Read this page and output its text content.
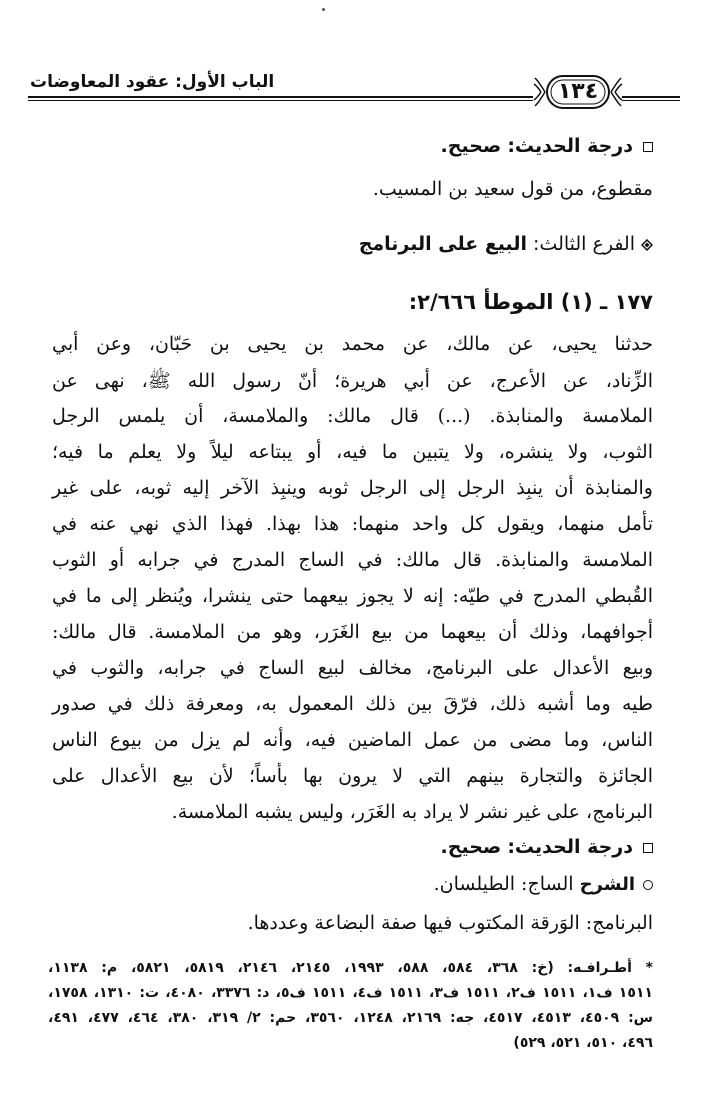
الباب الأول: عقود المعاوضات	١٣٤
درجة الحديث: صحيح.
مقطوع، من قول سعيد بن المسيب.
الفرع الثالث: البيع على البرنامج
١٧٧ ـ (١) الموطأ ٢/٦٦٦:
حدثنا يحيى، عن مالك، عن محمد بن يحيى بن حَبّان، وعن أبي
الزِّناد، عن الأعرج، عن أبي هريرة؛ أنّ رسول الله ﷺ، نهى عن
الملامسة والمنابذة. (...) قال مالك: والملامسة، أن يلمس الرجل
الثوب، ولا ينشره، ولا يتبين ما فيه، أو يبتاعه ليلاً ولا يعلم ما فيه؛
والمنابذة أن ينبِذ الرجل إلى الرجل ثوبه وينبِذ الآخر إليه ثوبه، على غير
تأمل منهما، ويقول كل واحد منهما: هذا بهذا. فهذا الذي نهي عنه في
الملامسة والمنابذة. قال مالك: في الساج المدرج في جرابه أو الثوب
القُبطي المدرج في طيّه: إنه لا يجوز بيعهما حتى ينشرا، ويُنظر إلى ما في
أجوافهما، وذلك أن بيعهما من بيع الغَرَر، وهو من الملامسة. قال مالك:
وبيع الأعدال على البرنامج، مخالف لبيع الساج في جرابه، والثوب في
طيه وما أشبه ذلك، فرّقَ بين ذلك المعمول به، ومعرفة ذلك في صدور
الناس، وما مضى من عمل الماضين فيه، وأنه لم يزل من بيوع الناس
الجائزة والتجارة بينهم التي لا يرون بها بأساً؛ لأن بيع الأعدال على
البرنامج، على غير نشر لا يراد به الغَرَر، وليس يشبه الملامسة.
درجة الحديث: صحيح.
الشرح الساج: الطيلسان.
البرنامج: الوَرقة المكتوب فيها صفة البضاعة وعددها.
* أطـرافـه: (خ: ٣٦٨، ٥٨٤، ٥٨٨، ١٩٩٣، ٢١٤٥، ٢١٤٦، ٥٨١٩، ٥٨٢١، م: ١١٣٨،
١٥١١ ف١، ١٥١١ ف٢، ١٥١١ ف٣، ١٥١١ ف٤، ١٥١١ ف٥، د: ٣٣٧٦، ٤٠٨٠، ت: ١٣١٠، ١٧٥٨،
س: ٤٥٠٩، ٤٥١٣، ٤٥١٧، جه: ٢١٦٩، ١٢٤٨، ٣٥٦٠، حم: ٢/ ٣١٩، ٣٨٠، ٤٦٤، ٤٧٧، ٤٩١،
٤٩٦، ٥١٠، ٥٢١، ٥٢٩)
